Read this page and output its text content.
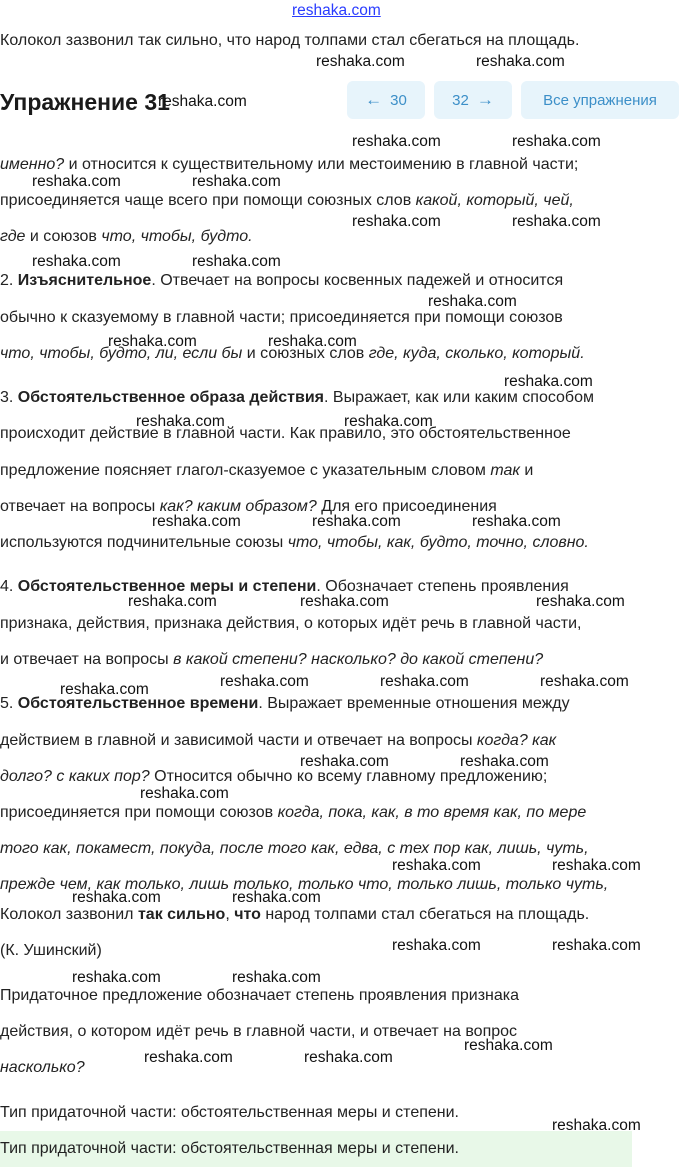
reshaka.com
Колокол зазвонил так сильно, что народ толпами стал сбегаться на площадь.
Упражнение 31	← 30	32 →	Все упражнения
именно? и относится к существительному или местоимению в главной части;
присоединяется чаще всего при помощи союзных слов какой, который, чей,
где и союзов что, чтобы, будто.
2. Изъяснительное. Отвечает на вопросы косвенных падежей и относится
обычно к сказуемому в главной части; присоединяется при помощи союзов
что, чтобы, будто, ли, если бы и союзных слов где, куда, сколько, который.
3. Обстоятельственное образа действия. Выражает, как или каким способом
происходит действие в главной части. Как правило, это обстоятельственное
предложение поясняет глагол-сказуемое с указательным словом так и
отвечает на вопросы как? каким образом? Для его присоединения
используются подчинительные союзы что, чтобы, как, будто, точно, словно.
4. Обстоятельственное меры и степени. Обозначает степень проявления
признака, действия, признака действия, о которых идёт речь в главной части,
и отвечает на вопросы в какой степени? насколько? до какой степени?
5. Обстоятельственное времени. Выражает временные отношения между
действием в главной и зависимой части и отвечает на вопросы когда? как
долго? с каких пор? Относится обычно ко всему главному предложению;
присоединяется при помощи союзов когда, пока, как, в то время как, по мере
того как, покамест, покуда, после того как, едва, с тех пор как, лишь, чуть,
прежде чем, как только, лишь только, только что, только лишь, только чуть,
Колокол зазвонил так сильно, что народ толпами стал сбегаться на площадь.
(К. Ушинский)
Придаточное предложение обозначает степень проявления признака
действия, о котором идёт речь в главной части, и отвечает на вопрос
насколько?
Тип придаточной части: обстоятельственная меры и степени.
Тип придаточной части: обстоятельственная меры и степени.
reshaka.com	reshaka.com
reshaka.com
reshaka.com	reshaka.com
reshaka.com	reshaka.com
reshaka.com	reshaka.com
reshaka.com	reshaka.com
reshaka.com
reshaka.com	reshaka.com
reshaka.com
reshaka.com	reshaka.com
reshaka.com	reshaka.com	reshaka.com
reshaka.com	reshaka.com	reshaka.com
reshaka.com	reshaka.com	reshaka.com
reshaka.com
reshaka.com	reshaka.com
reshaka.com
reshaka.com	reshaka.com
reshaka.com	reshaka.com
reshaka.com	reshaka.com
reshaka.com	reshaka.com
reshaka.com
reshaka.com	reshaka.com
reshaka.com
